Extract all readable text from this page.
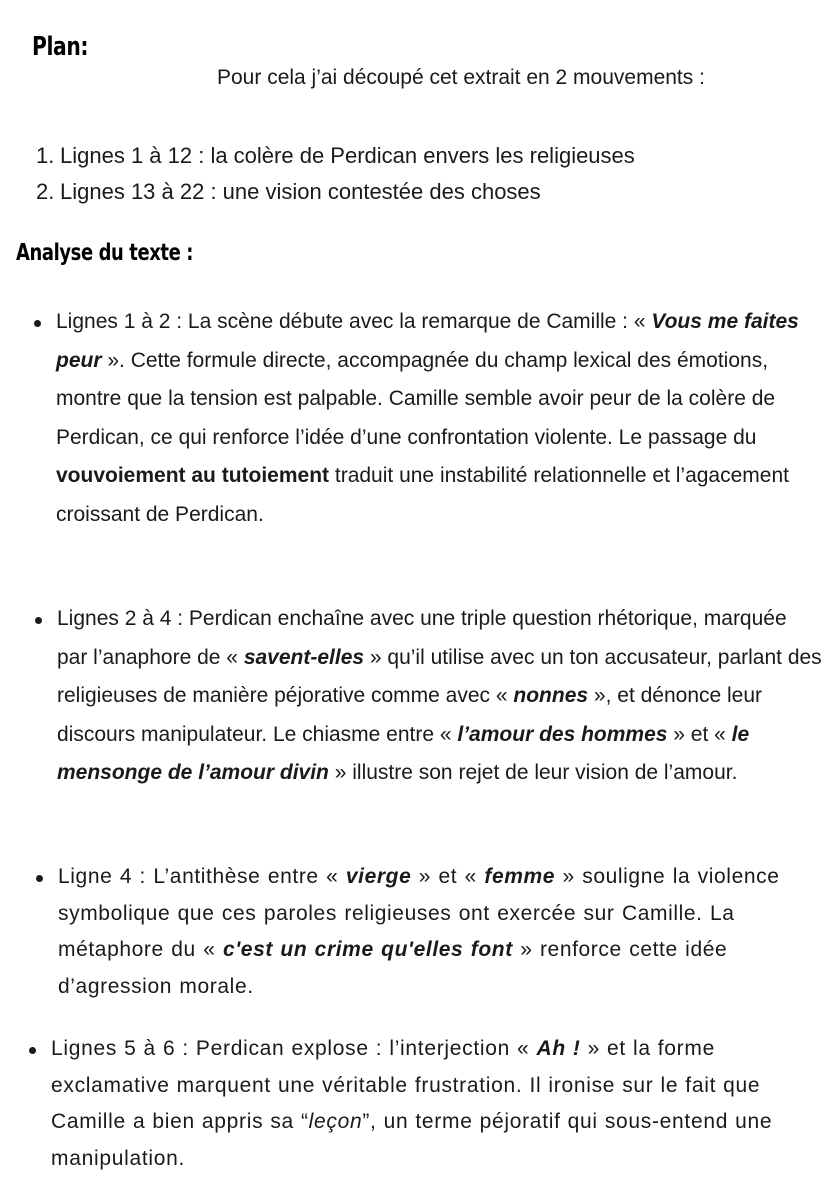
Plan:

Pour cela j’ai découpé cet extrait en 2 mouvements :

1. Lignes 1 à 12 : la colère de Perdican envers les religieuses
2. Lignes 13 à 22 : une vision contestée des choses
Analyse du texte :

Lignes 1 à 2 : La scène débute avec la remarque de Camille : « Vous me faites peur ». Cette formule directe, accompagnée du champ lexical des émotions, montre que la tension est palpable. Camille semble avoir peur de la colère de Perdican, ce qui renforce l’idée d’une confrontation violente. Le passage du vouvoiement au tutoiement traduit une instabilité relationnelle et l’agacement croissant de Perdican.

Lignes 2 à 4 : Perdican enchaîne avec une triple question rhétorique, marquée par l’anaphore de « savent-elles » qu’il utilise avec un ton accusateur, parlant des religieuses de manière péjorative comme avec « nonnes », et dénonce leur discours manipulateur. Le chiasme entre « l’amour des hommes » et « le mensonge de l’amour divin » illustre son rejet de leur vision de l’amour.

Ligne 4 : L’antithèse entre « vierge » et « femme » souligne la violence symbolique que ces paroles religieuses ont exercée sur Camille. La métaphore du « c'est un crime qu'elles font » renforce cette idée d’agression morale.

Lignes 5 à 6 : Perdican explose : l’interjection « Ah ! » et la forme exclamative marquent une véritable frustration. Il ironise sur le fait que Camille a bien appris sa “leçon”, un terme péjoratif qui sous-entend une manipulation.
